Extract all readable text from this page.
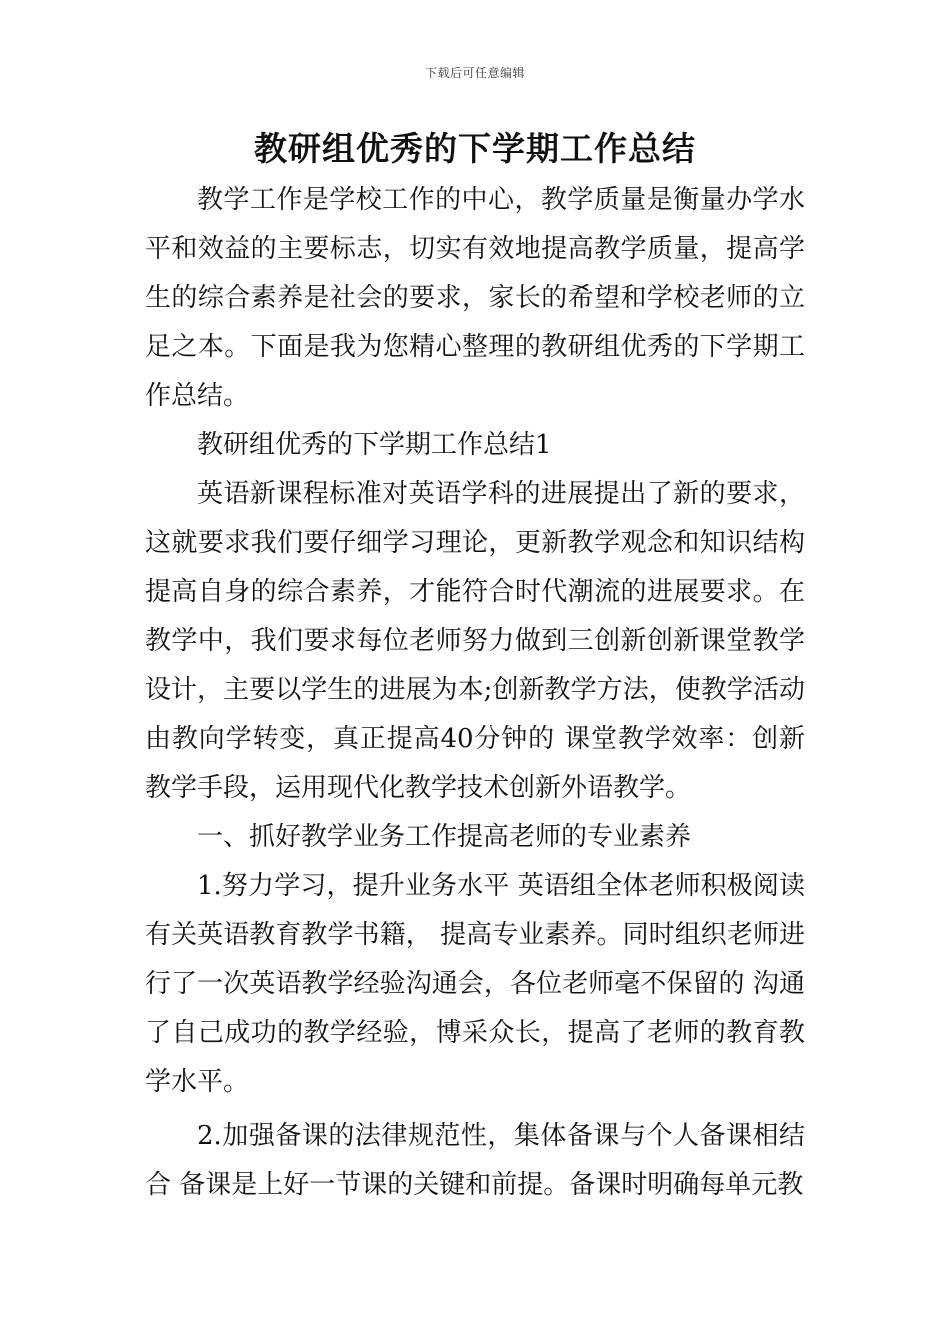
下载后可任意编辑
教研组优秀的下学期工作总结

教学工作是学校工作的中心，教学质量是衡量办学水平和效益的主要标志，切实有效地提高教学质量，提高学生的综合素养是社会的要求，家长的希望和学校老师的立足之本。下面是我为您精心整理的教研组优秀的下学期工作总结。

教研组优秀的下学期工作总结1

英语新课程标准对英语学科的进展提出了新的要求，这就要求我们要仔细学习理论，更新教学观念和知识结构提高自身的综合素养，才能符合时代潮流的进展要求。在教学中，我们要求每位老师努力做到三创新创新课堂教学设计，主要以学生的进展为本;创新教学方法，使教学活动由教向学转变，真正提高40分钟的 课堂教学效率：创新教学手段，运用现代化教学技术创新外语教学。

一、抓好教学业务工作提高老师的专业素养

1.努力学习，提升业务水平 英语组全体老师积极阅读有关英语教育教学书籍， 提高专业素养。同时组织老师进行了一次英语教学经验沟通会，各位老师毫不保留的 沟通了自己成功的教学经验，博采众长，提高了老师的教育教学水平。

2.加强备课的法律规范性，集体备课与个人备课相结合 备课是上好一节课的关键和前提。备课时明确每单元教
